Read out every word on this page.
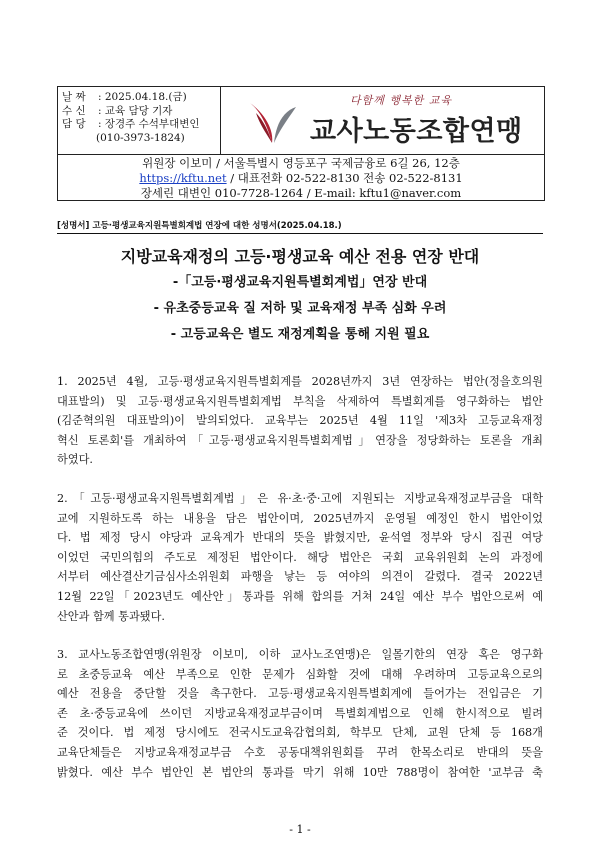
날 짜	: 2025.04.18.(금)
수 신	: 교육 담당 기자
담 당	: 장경주 수석부대변인
(010-3973-1824)
다함께 행복한 교육
교사노동조합연맹
위원장 이보미 / 서울특별시 영등포구 국제금융로 6길 26, 12층
https://kftu.net / 대표전화 02-522-8130 전송 02-522-8131
장세린 대변인 010-7728-1264 / E-mail: kftu1@naver.com
[성명서] 고등·평생교육지원특별회계법 연장에 대한 성명서(2025.04.18.)
지방교육재정의 고등·평생교육 예산 전용 연장 반대
-「고등·평생교육지원특별회계법」연장 반대
- 유초중등교육 질 저하 및 교육재정 부족 심화 우려
- 고등교육은 별도 재정계획을 통해 지원 필요
1. 2025년 4월, 고등·평생교육지원특별회계를 2028년까지 3년 연장하는 법안(정을호의원
대표발의) 및 고등·평생교육지원특별회계법 부칙을 삭제하여 특별회계를 영구화하는 법안
(김준혁의원 대표발의)이 발의되었다. 교육부는 2025년 4월 11일 '제3차 고등교육재정
혁신 토론회'를 개최하여「고등·평생교육지원특별회계법」연장을 정당화하는 토론을 개최
하였다.
2.「고등·평생교육지원특별회계법」은 유·초·중·고에 지원되는 지방교육재정교부금을 대학
교에 지원하도록 하는 내용을 담은 법안이며, 2025년까지 운영될 예정인 한시 법안이었
다. 법 제정 당시 야당과 교육계가 반대의 뜻을 밝혔지만, 윤석열 정부와 당시 집권 여당
이었던 국민의힘의 주도로 제정된 법안이다. 해당 법안은 국회 교육위원회 논의 과정에
서부터 예산결산기금심사소위원회 파행을 낳는 등 여야의 의견이 갈렸다. 결국 2022년
12월 22일「2023년도 예산안」통과를 위해 합의를 거쳐 24일 예산 부수 법안으로써 예
산안과 함께 통과됐다.
3. 교사노동조합연맹(위원장 이보미, 이하 교사노조연맹)은 일몰기한의 연장 혹은 영구화
로 초중등교육 예산 부족으로 인한 문제가 심화할 것에 대해 우려하며 고등교육으로의
예산 전용을 중단할 것을 촉구한다. 고등·평생교육지원특별회계에 들어가는 전입금은 기
존 초·중등교육에 쓰이던 지방교육재정교부금이며 특별회계법으로 인해 한시적으로 빌려
준 것이다. 법 제정 당시에도 전국시도교육감협의회, 학부모 단체, 교원 단체 등 168개
교육단체들은 지방교육재정교부금 수호 공동대책위원회를 꾸려 한목소리로 반대의 뜻을
밝혔다. 예산 부수 법안인 본 법안의 통과를 막기 위해 10만 788명이 참여한 '교부금 축
- 1 -
